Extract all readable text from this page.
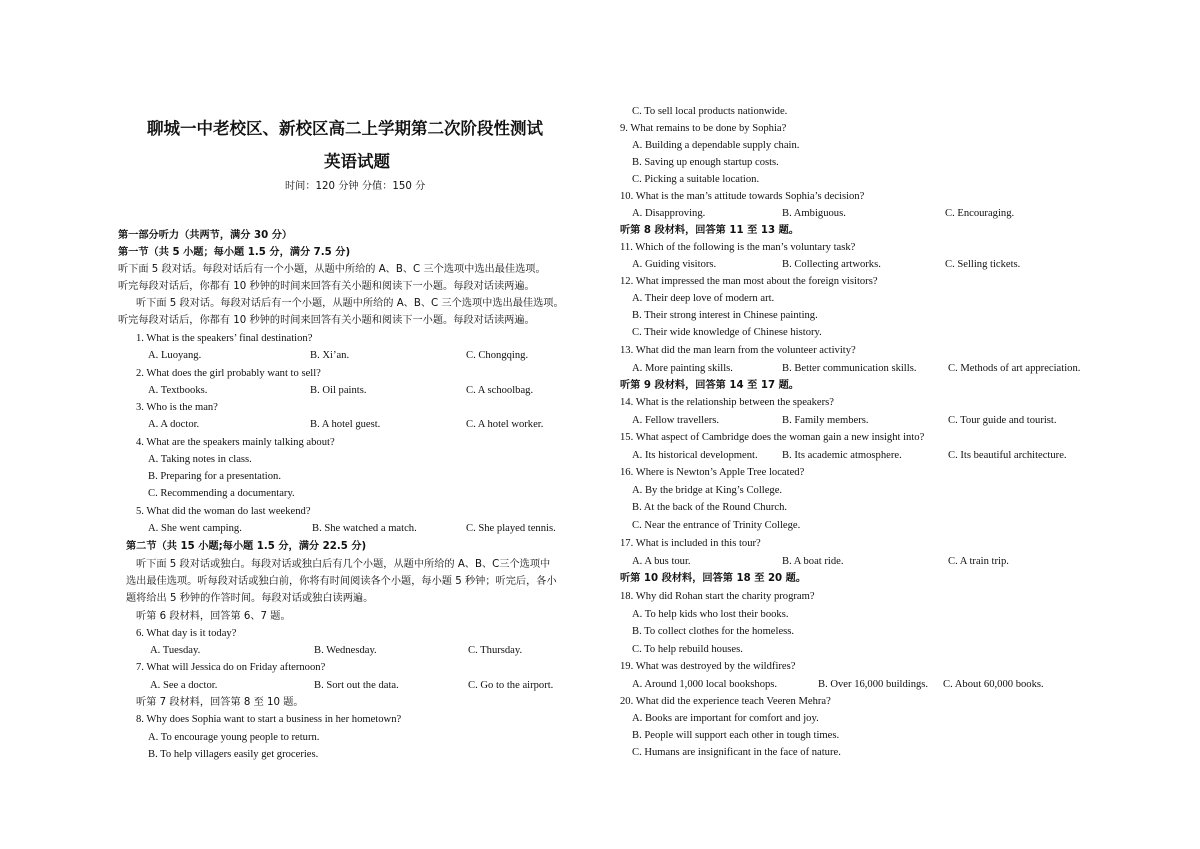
聊城一中老校区、新校区高二上学期第二次阶段性测试
英语试题
时间：120 分钟 分值：150 分
第一部分听力（共两节，满分 30 分）
第一节（共 5 小题；每小题 1.5 分，满分 7.5 分)
听下面 5 段对话。每段对话后有一个小题，从题中所给的 A、B、C 三个选项中选出最佳选项。
听完每段对话后，你都有 10 秒钟的时间来回答有关小题和阅读下一小题。每段对话读两遍。
听下面 5 段对话。每段对话后有一个小题，从题中所给的 A、B、C 三个选项中选出最佳选项。
听完每段对话后，你都有 10 秒钟的时间来回答有关小题和阅读下一小题。每段对话读两遍。
1. What is the speakers’ final destination?
A. Luoyang.	B. Xi’an.	C. Chongqing.
2. What does the girl probably want to sell?
A. Textbooks.	B. Oil paints.	C. A schoolbag.
3. Who is the man?
A. A doctor.	B. A hotel guest.	C. A hotel worker.
4. What are the speakers mainly talking about?
A. Taking notes in class.
B. Preparing for a presentation.
C. Recommending a documentary.
5. What did the woman do last weekend?
A. She went camping.	B. She watched a match.	C. She played tennis.
第二节（共 15 小题;每小题 1.5 分，满分 22.5 分)
听下面 5 段对话或独白。每段对话或独白后有几个小题，从题中所给的 A、B、C三个选项中
选出最佳选项。听每段对话或独白前，你将有时间阅读各个小题，每小题 5 秒钟；听完后，各小
题将给出 5 秒钟的作答时间。每段对话或独白读两遍。
听第 6 段材料，回答第 6、7 题。
6. What day is it today?
A. Tuesday.	B. Wednesday.	C. Thursday.
7. What will Jessica do on Friday afternoon?
A. See a doctor.	B. Sort out the data.	C. Go to the airport.
听第 7 段材料，回答第 8 至 10 题。
8. Why does Sophia want to start a business in her hometown?
A. To encourage young people to return.
B. To help villagers easily get groceries.
C. To sell local products nationwide.
9. What remains to be done by Sophia?
A. Building a dependable supply chain.
B. Saving up enough startup costs.
C. Picking a suitable location.
10. What is the man’s attitude towards Sophia’s decision?
A. Disapproving.	B. Ambiguous.	C. Encouraging.
听第 8 段材料，回答第 11 至 13 题。
11. Which of the following is the man’s voluntary task?
A. Guiding visitors.	B. Collecting artworks.	C. Selling tickets.
12. What impressed the man most about the foreign visitors?
A. Their deep love of modern art.
B. Their strong interest in Chinese painting.
C. Their wide knowledge of Chinese history.
13. What did the man learn from the volunteer activity?
A. More painting skills.	B. Better communication skills.	C. Methods of art appreciation.
听第 9 段材料，回答第 14 至 17 题。
14. What is the relationship between the speakers?
A. Fellow travellers.	B. Family members.	C. Tour guide and tourist.
15. What aspect of Cambridge does the woman gain a new insight into?
A. Its historical development. B. Its academic atmosphere.	C. Its beautiful architecture.
16. Where is Newton’s Apple Tree located?
A. By the bridge at King’s College.
B. At the back of the Round Church.
C. Near the entrance of Trinity College.
17. What is included in this tour?
A. A bus tour.	B. A boat ride.	C. A train trip.
听第 10 段材料，回答第 18 至 20 题。
18. Why did Rohan start the charity program?
A. To help kids who lost their books.
B. To collect clothes for the homeless.
C. To help rebuild houses.
19. What was destroyed by the wildfires?
A. Around 1,000 local bookshops.	B. Over 16,000 buildings. C. About 60,000 books.
20. What did the experience teach Veeren Mehra?
A. Books are important for comfort and joy.
B. People will support each other in tough times.
C. Humans are insignificant in the face of nature.
